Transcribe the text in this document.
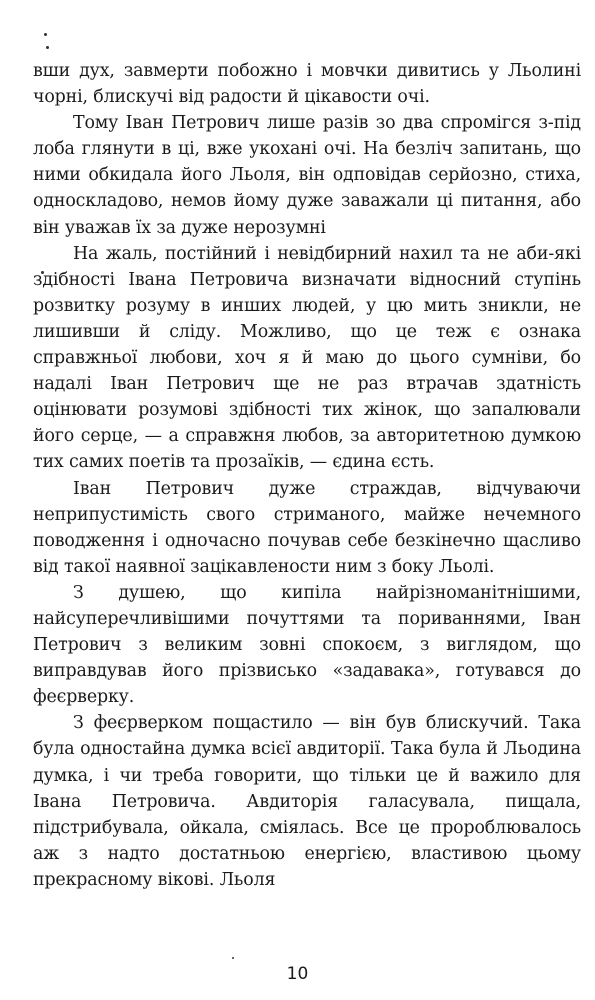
вши дух, завмерти побожно і мовчки дивитись у Льолині чорні, блискучі від радости й цікавости очі.

Тому Іван Петрович лише разів зо два спромігся з-під лоба глянути в ці, вже укохані очі. На безліч запитань, що ними обкидала його Льоля, він одповідав серйозно, стиха, односкладово, немов йому дуже заважали ці питання, або він уважав їх за дуже нерозумні

На жаль, постійний і невідбирний нахил та не аби-які здібності Івана Петровича визначати відносний ступінь розвитку розуму в инших людей, у цю мить зникли, не лишивши й сліду. Можливо, що це теж є ознака справжньої любови, хоч я й маю до цього сумніви, бо надалі Іван Петрович ще не раз втрачав здатність оцінювати розумові здібності тих жінок, що запалювали його серце, — а справжня любов, за авторитетною думкою тих самих поетів та прозаїків, — єдина єсть.

Іван Петрович дуже страждав, відчуваючи неприпустимість свого стриманого, майже нечемного поводження і одночасно почував себе безкінечно щасливо від такої наявної зацікавлености ним з боку Льолі.

З душею, що кипіла найрізноманітнішими, найсуперечливішими почуттями та пориваннями, Іван Петрович з великим зовні спокоєм, з виглядом, що виправдував його прізвисько «задавака», готувався до феєрверку.

З феєрверком пощастило — він був блискучий. Така була одностайна думка всієї авдиторії. Така була й Льодина думка, і чи треба говорити, що тільки це й важило для Івана Петровича. Авдиторія галасувала, пищала, підстрибувала, ойкала, сміялась. Все це пророблювалось аж з надто достатньою енергією, властивою цьому прекрасному вікові. Льоля

10
